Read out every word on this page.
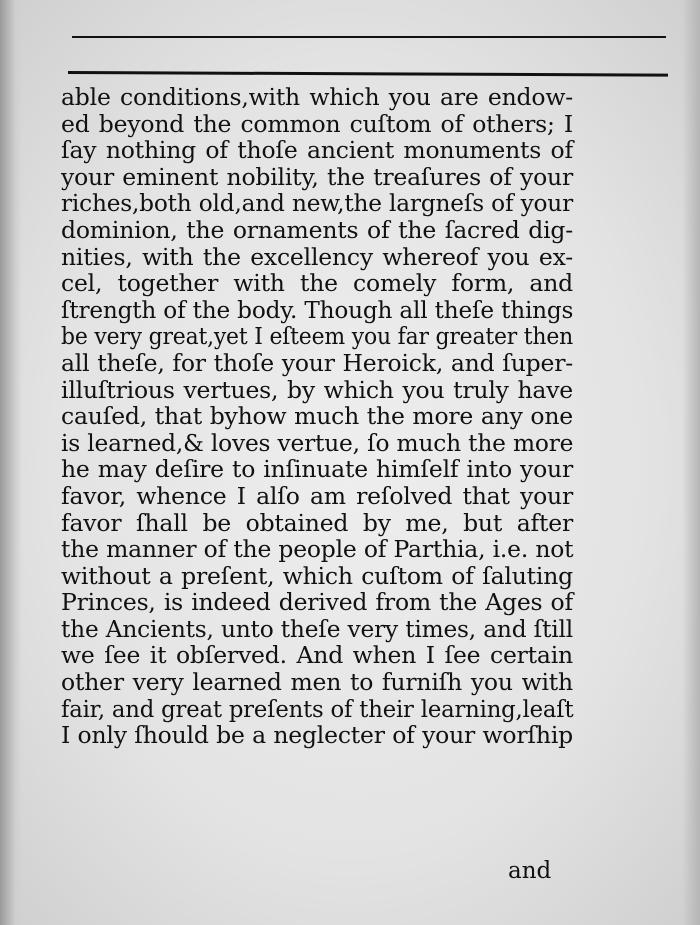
able conditions,with which you are endow-
ed beyond the common cuſtom of others; I
ſay nothing of thoſe ancient monuments of
your eminent nobility, the treaſures of your
riches,both old,and new,the largneſs of your
dominion, the ornaments of the ſacred dig-
nities, with the excellency whereof you ex-
cel, together with the comely form, and
ſtrength of the body. Though all theſe things
be very great,yet I eſteem you far greater then
all theſe, for thoſe your Heroick, and ſuper-
illuſtrious vertues, by which you truly have
cauſed, that byhow much the more any one
is learned,& loves vertue, ſo much the more
he may deſire to inſinuate himſelf into your
favor, whence I alſo am reſolved that your
favor ſhall be obtained by me, but after
the manner of the people of Parthia, i.e. not
without a preſent, which cuſtom of ſaluting
Princes, is indeed derived from the Ages of
the Ancients, unto theſe very times, and ſtill
we ſee it obſerved. And when I ſee certain
other very learned men to furniſh you with
fair, and great preſents of their learning,leaſt
I only ſhould be a neglecter of your worſhip
and
